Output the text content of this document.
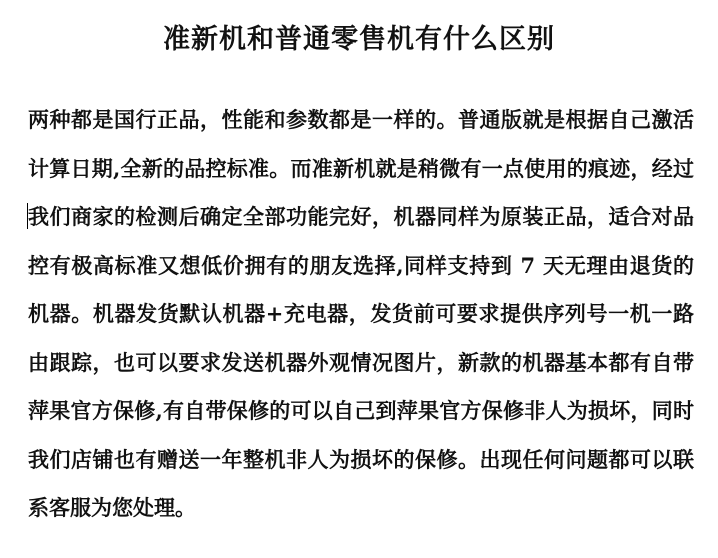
准新机和普通零售机有什么区别

两种都是国行正品，性能和参数都是一样的。普通版就是根据自己激活计算日期,全新的品控标准。而准新机就是稍微有一点使用的痕迹，经过我们商家的检测后确定全部功能完好，机器同样为原装正品，适合对品控有极高标准又想低价拥有的朋友选择,同样支持到 7 天无理由退货的机器。机器发货默认机器+充电器，发货前可要求提供序列号一机一路由跟踪，也可以要求发送机器外观情况图片，新款的机器基本都有自带萍果官方保修,有自带保修的可以自己到萍果官方保修非人为损坏，同时我们店铺也有赠送一年整机非人为损坏的保修。出现任何问题都可以联系客服为您处理。
